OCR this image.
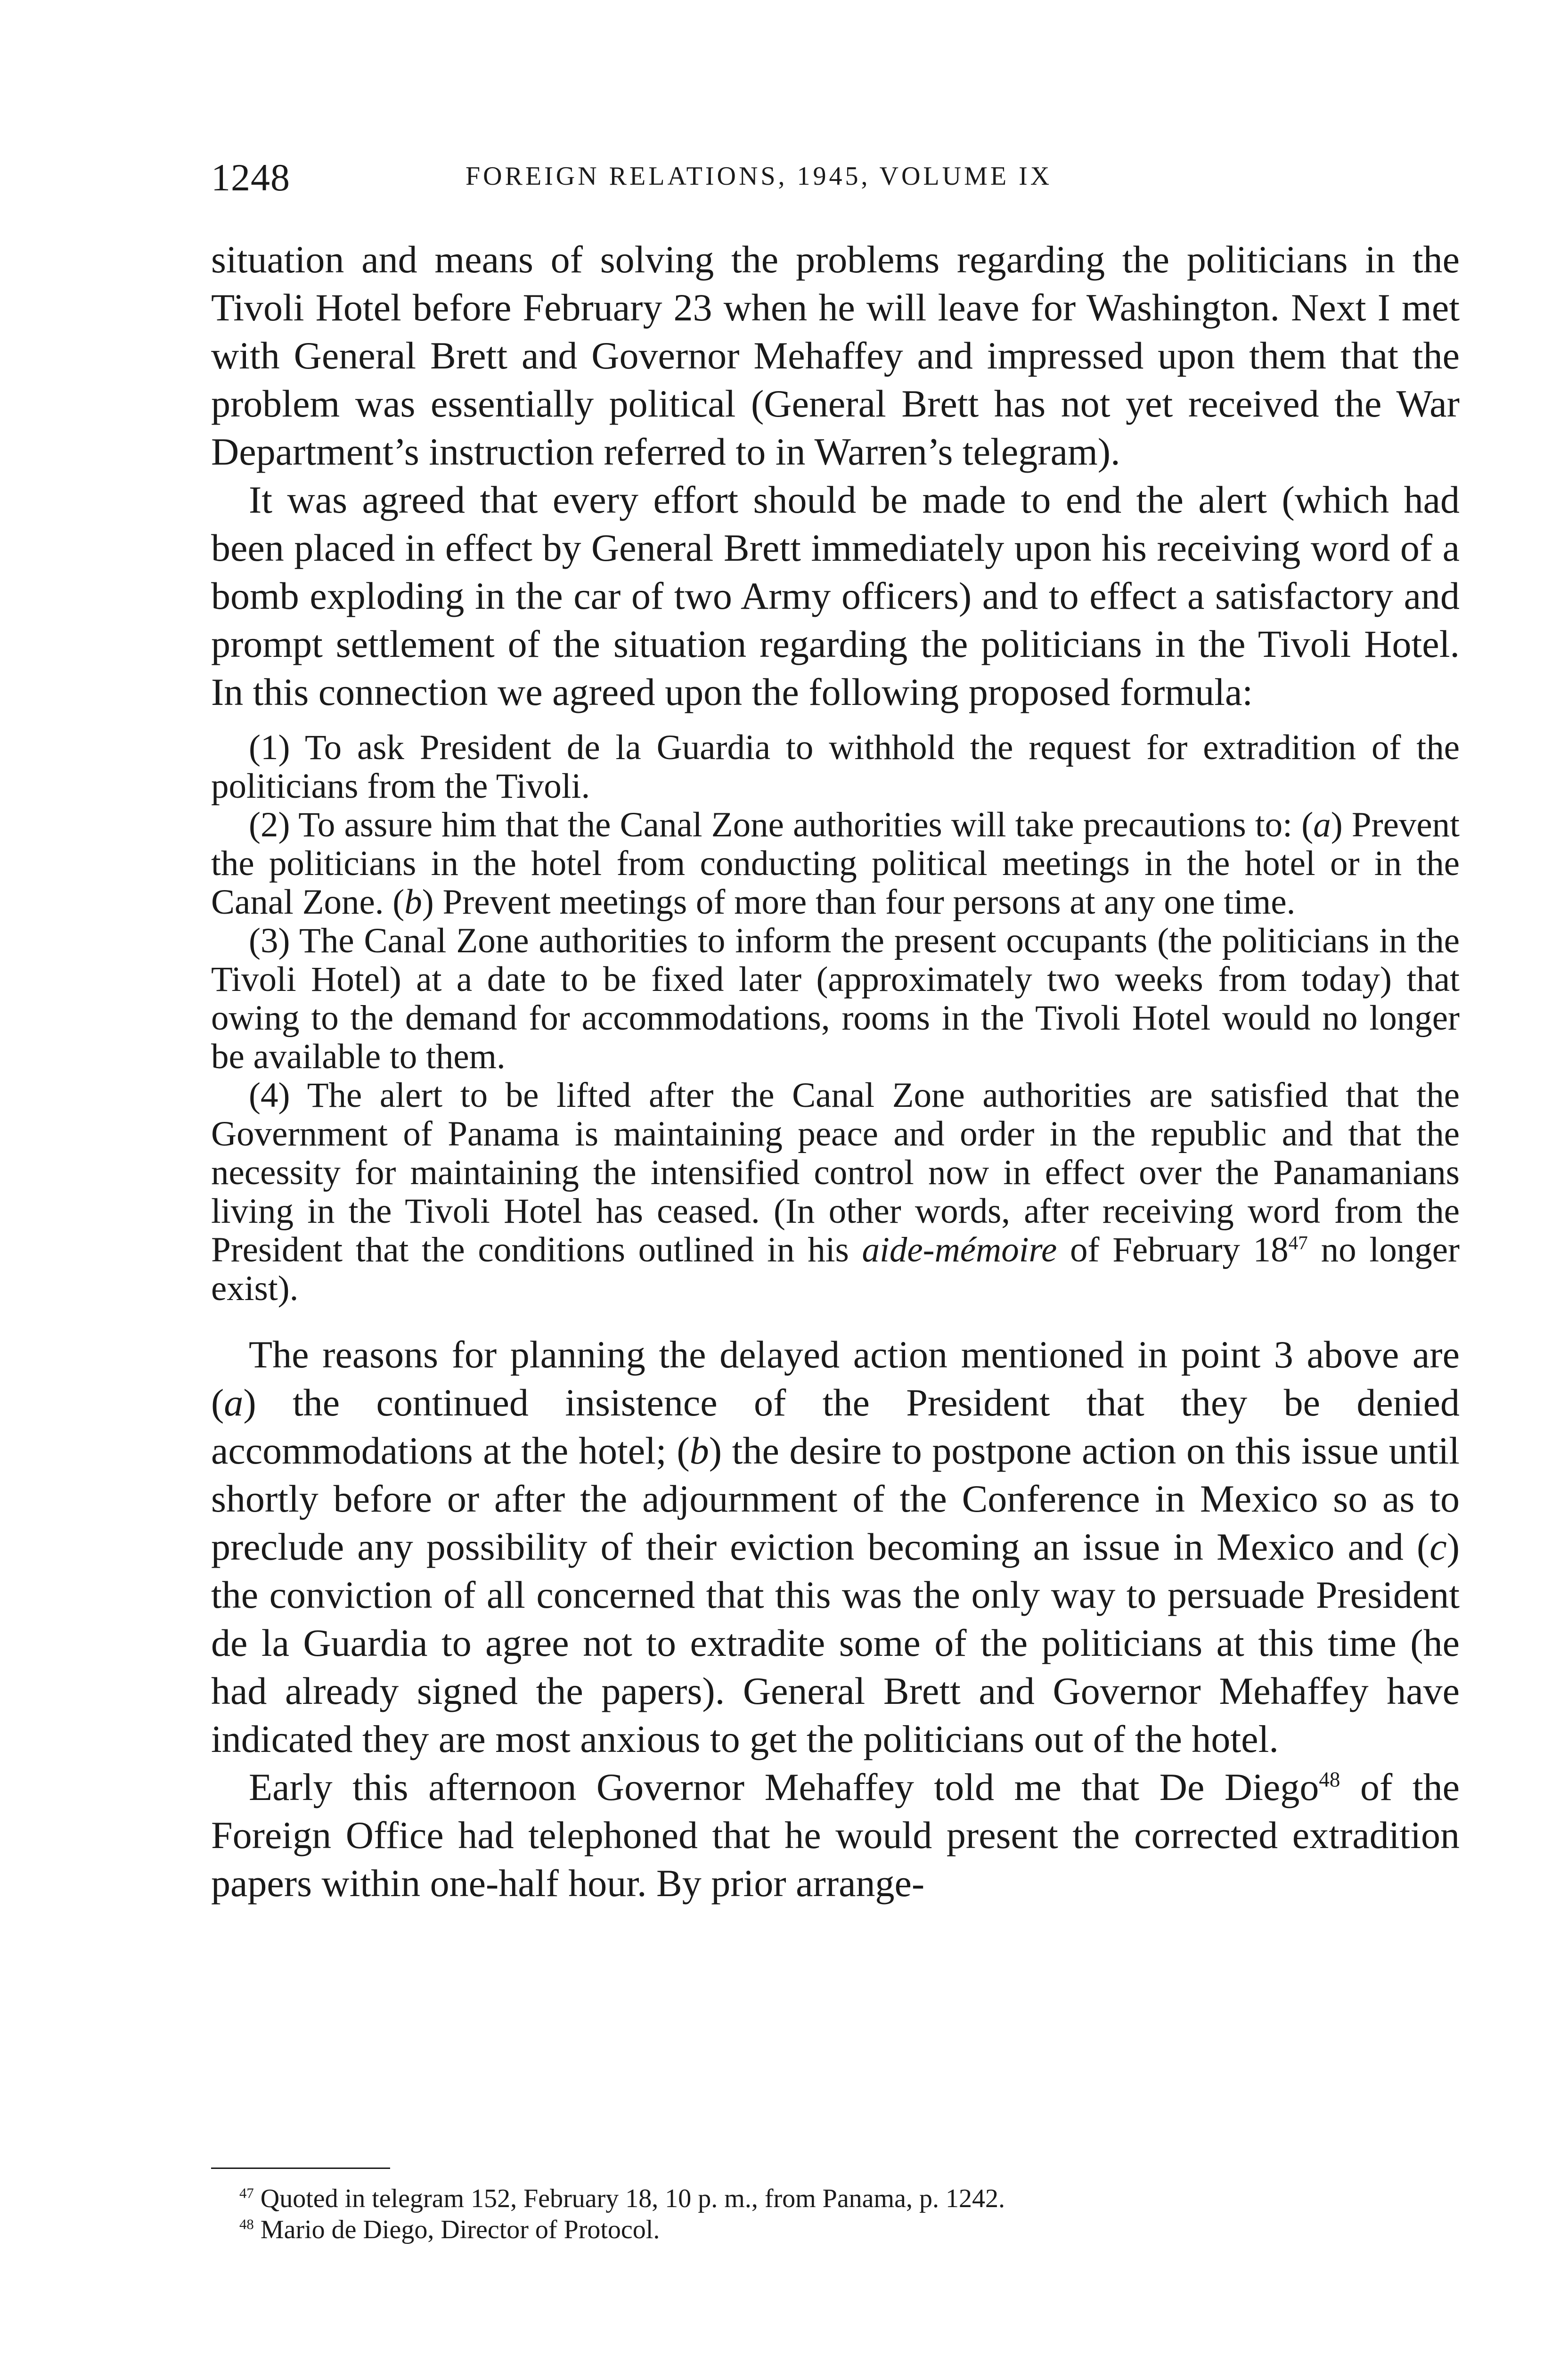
1248	FOREIGN RELATIONS, 1945, VOLUME IX

situation and means of solving the problems regarding the politicians in the Tivoli Hotel before February 23 when he will leave for Washington. Next I met with General Brett and Governor Mehaffey and impressed upon them that the problem was essentially political (General Brett has not yet received the War Department’s instruction referred to in Warren’s telegram).

It was agreed that every effort should be made to end the alert (which had been placed in effect by General Brett immediately upon his receiving word of a bomb exploding in the car of two Army officers) and to effect a satisfactory and prompt settlement of the situation regarding the politicians in the Tivoli Hotel. In this connection we agreed upon the following proposed formula:

(1) To ask President de la Guardia to withhold the request for extradition of the politicians from the Tivoli.

(2) To assure him that the Canal Zone authorities will take precautions to: (a) Prevent the politicians in the hotel from conducting political meetings in the hotel or in the Canal Zone. (b) Prevent meetings of more than four persons at any one time.

(3) The Canal Zone authorities to inform the present occupants (the politicians in the Tivoli Hotel) at a date to be fixed later (approximately two weeks from today) that owing to the demand for accommodations, rooms in the Tivoli Hotel would no longer be available to them.

(4) The alert to be lifted after the Canal Zone authorities are satisfied that the Government of Panama is maintaining peace and order in the republic and that the necessity for maintaining the intensified control now in effect over the Panamanians living in the Tivoli Hotel has ceased. (In other words, after receiving word from the President that the conditions outlined in his aide-mémoire of February $18^{47}$ no longer exist).

The reasons for planning the delayed action mentioned in point 3 above are (a) the continued insistence of the President that they be denied accommodations at the hotel; (b) the desire to postpone action on this issue until shortly before or after the adjournment of the Conference in Mexico so as to preclude any possibility of their eviction becoming an issue in Mexico and (c) the conviction of all concerned that this was the only way to persuade President de la Guardia to agree not to extradite some of the politicians at this time (he had already signed the papers). General Brett and Governor Mehaffey have indicated they are most anxious to get the politicians out of the hotel.

Early this afternoon Governor Mehaffey told me that De Diego$^{48}$ of the Foreign Office had telephoned that he would present the corrected extradition papers within one-half hour. By prior arrange-

$^{47}$ Quoted in telegram 152, February 18, 10 p. m., from Panama, p. 1242.
$^{48}$ Mario de Diego, Director of Protocol.
